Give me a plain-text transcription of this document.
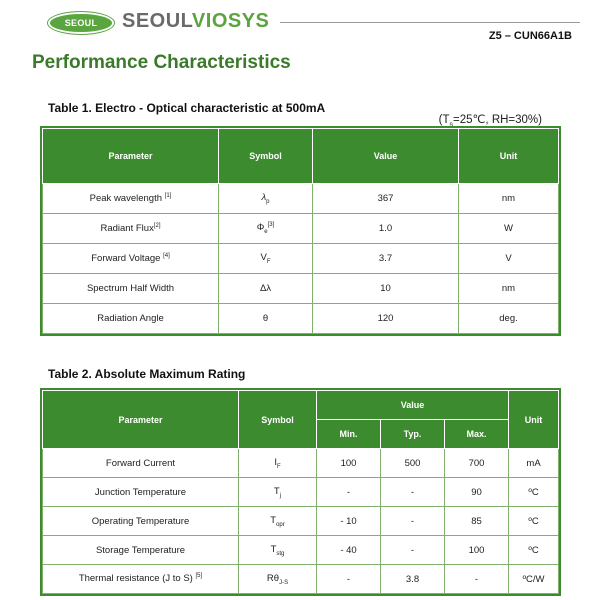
SEOUL	SEOULVIOSYS
Z5 – CUN66A1B
Performance Characteristics
Table 1. Electro - Optical characteristic at 500mA
($T_s=25℃$, RH=30%)
Parameter	Symbol	Value	Unit
Peak wavelength [1]	$\lambda_p$	367	nm
Radiant Flux[2]	$\Phi_e[3]$	1.0	W
Forward Voltage [4]	$V_F$	3.7	V
Spectrum Half Width	Δλ	10	nm
Radiation Angle	θ	120	deg.
Table 2. Absolute Maximum Rating
Parameter	Symbol	Value			Unit
		Min.	Typ.	Max.	
Forward Current	$I_F$	100	500	700	mA
Junction Temperature	$T_j$	-	-	90	ºC
Operating Temperature	$T_{opr}$	- 10	-	85	ºC
Storage Temperature	$T_{stg}$	- 40	-	100	ºC
Thermal resistance (J to S) [5]	$R\theta_{J-S}$	-	3.8	-	ºC/W
